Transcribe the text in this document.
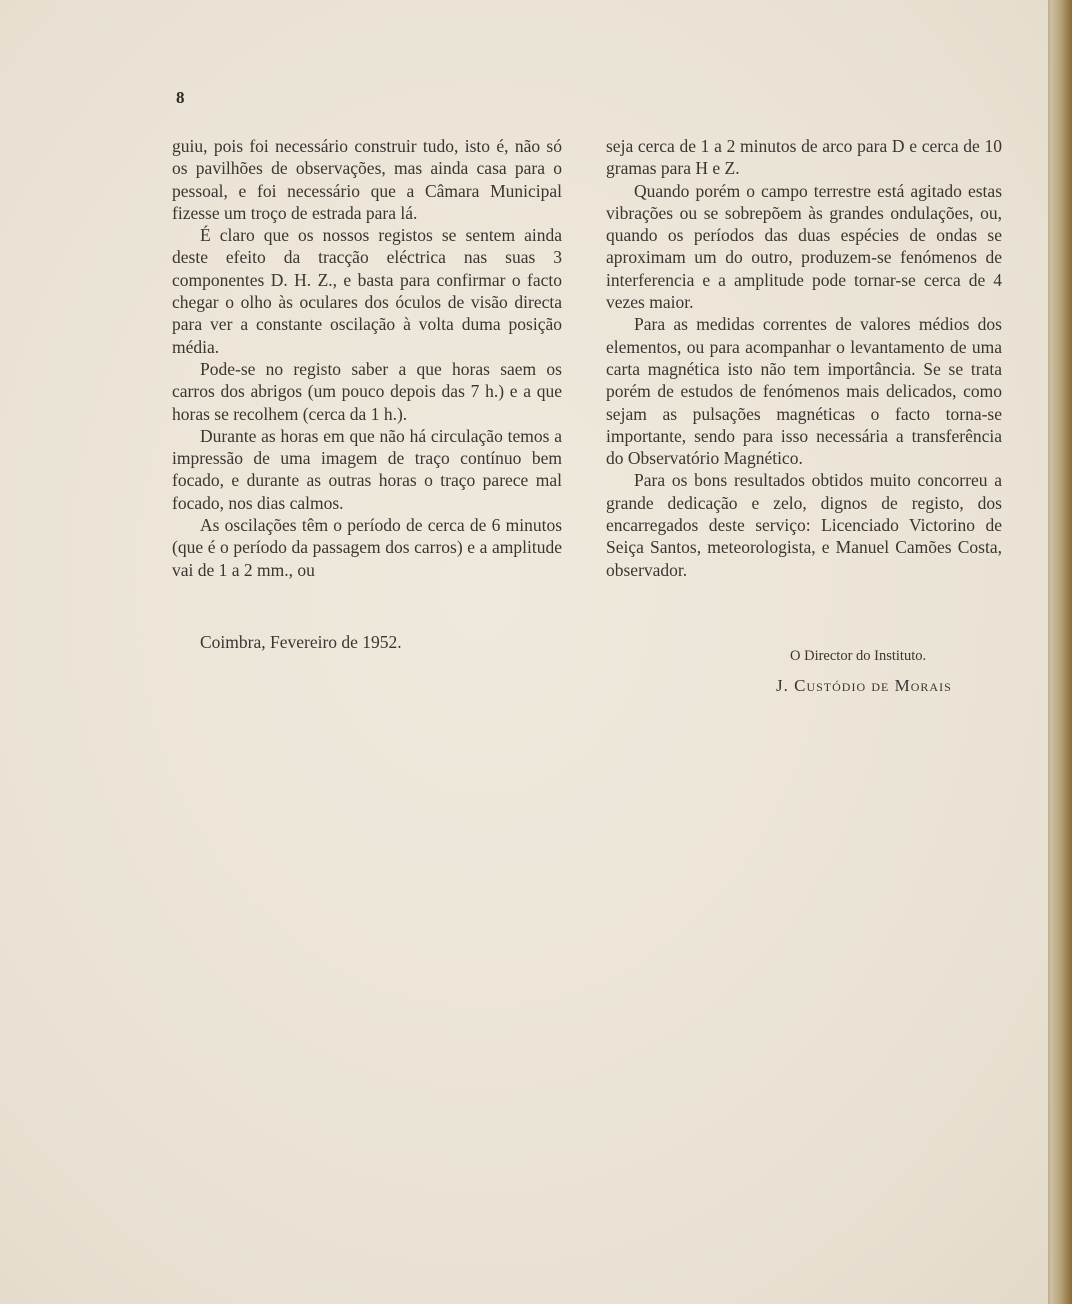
8

guiu, pois foi necessário construir tudo, isto é, não só os pavilhões de observações, mas ainda casa para o pessoal, e foi necessário que a Câmara Municipal fizesse um troço de estrada para lá.

É claro que os nossos registos se sentem ainda deste efeito da tracção eléctrica nas suas 3 componentes D. H. Z., e basta para confirmar o facto chegar o olho às oculares dos óculos de visão directa para ver a constante oscilação à volta duma posição média.

Pode-se no registo saber a que horas saem os carros dos abrigos (um pouco depois das 7 h.) e a que horas se recolhem (cerca da 1 h.).

Durante as horas em que não há circulação temos a impressão de uma imagem de traço contínuo bem focado, e durante as outras horas o traço parece mal focado, nos dias calmos.

As oscilações têm o período de cerca de 6 minutos (que é o período da passagem dos carros) e a amplitude vai de 1 a 2 mm., ou

seja cerca de 1 a 2 minutos de arco para D e cerca de 10 gramas para H e Z.

Quando porém o campo terrestre está agitado estas vibrações ou se sobrepõem às grandes ondulações, ou, quando os períodos das duas espécies de ondas se aproximam um do outro, produzem-se fenómenos de interferencia e a amplitude pode tornar-se cerca de 4 vezes maior.

Para as medidas correntes de valores médios dos elementos, ou para acompanhar o levantamento de uma carta magnética isto não tem importância. Se se trata porém de estudos de fenómenos mais delicados, como sejam as pulsações magnéticas o facto torna-se importante, sendo para isso necessária a transferência do Observatório Magnético.

Para os bons resultados obtidos muito concorreu a grande dedicação e zelo, dignos de registo, dos encarregados deste serviço: Licenciado Victorino de Seiça Santos, meteorologista, e Manuel Camões Costa, observador.

Coimbra, Fevereiro de 1952.
O Director do Instituto.
J. Custódio de Morais
